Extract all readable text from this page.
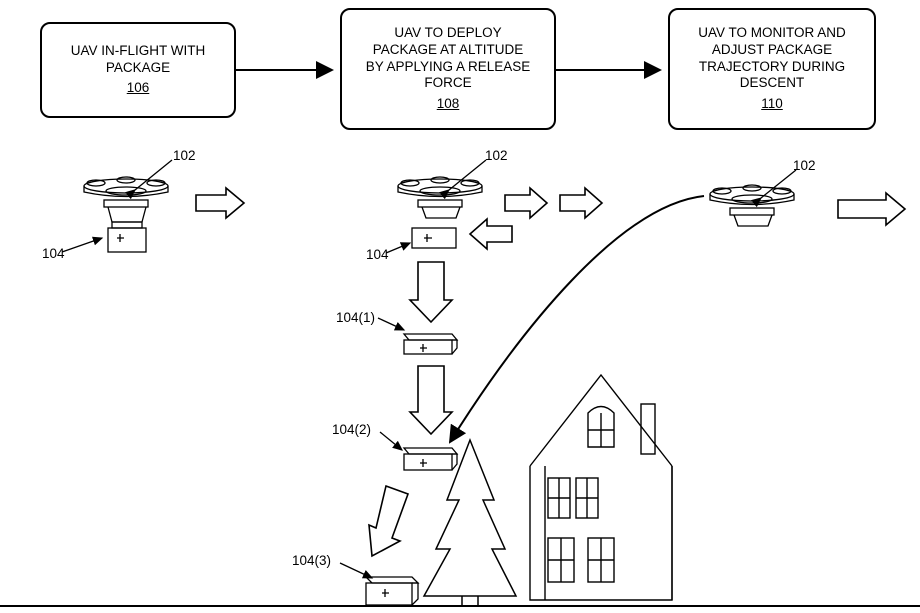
UAV IN-FLIGHT WITH
PACKAGE
106
UAV TO DEPLOY
PACKAGE AT ALTITUDE
BY APPLYING A RELEASE
FORCE
108
UAV TO MONITOR AND
ADJUST PACKAGE
TRAJECTORY DURING
DESCENT
110
102
104
102
104
104(1)
104(2)
104(3)
102
